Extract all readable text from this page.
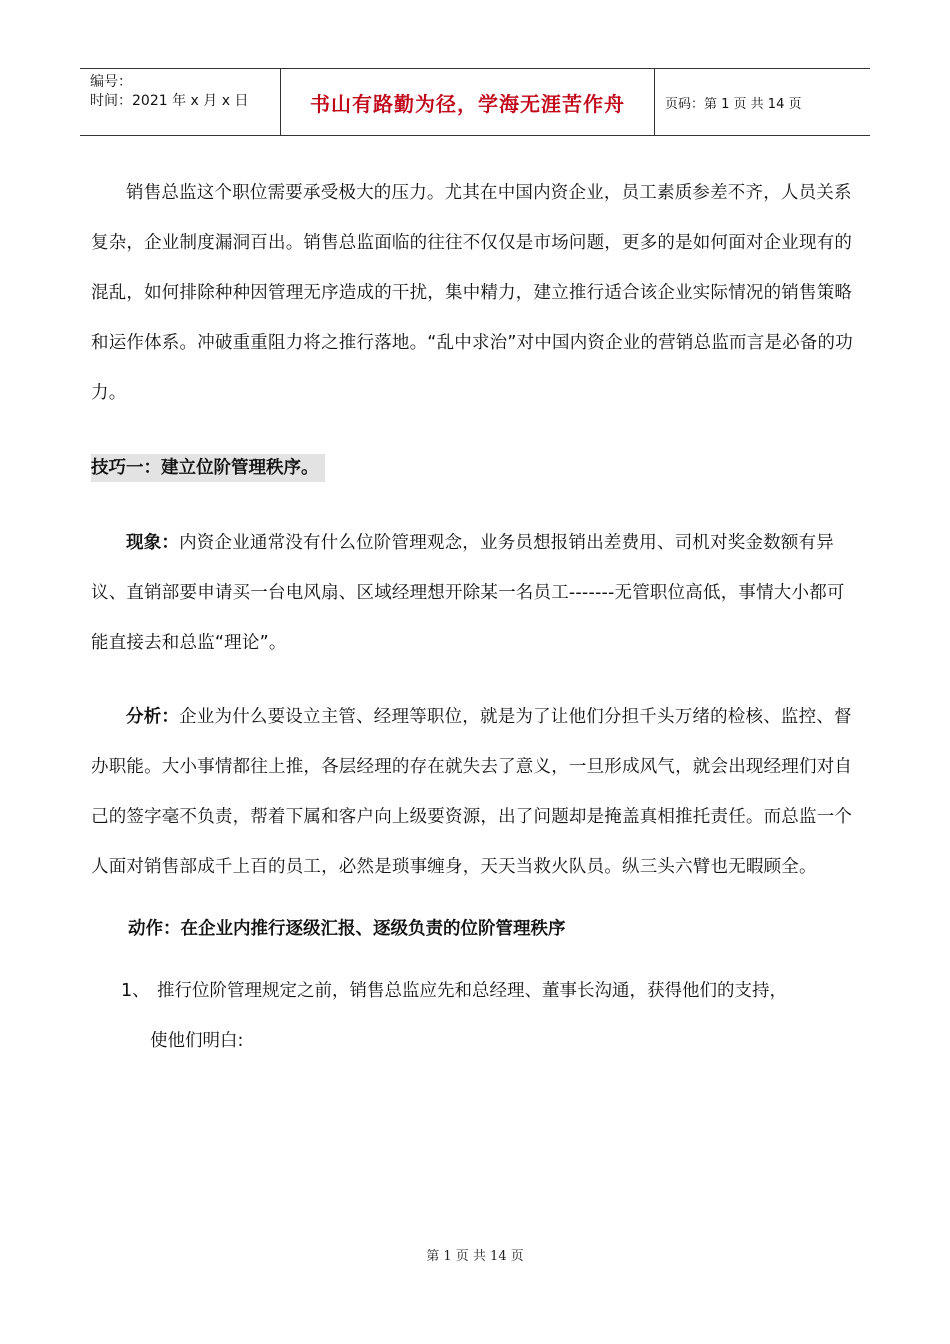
编号：
时间：2021 年 x 月 x 日	书山有路勤为径，学海无涯苦作舟	页码：第 1 页 共 14 页

销售总监这个职位需要承受极大的压力。尤其在中国内资企业，员工素质参差不齐，人员关系复杂，企业制度漏洞百出。销售总监面临的往往不仅仅是市场问题，更多的是如何面对企业现有的混乱，如何排除种种因管理无序造成的干扰，集中精力，建立推行适合该企业实际情况的销售策略和运作体系。冲破重重阻力将之推行落地。“乱中求治”对中国内资企业的营销总监而言是必备的功力。

技巧一：建立位阶管理秩序。

现象：内资企业通常没有什么位阶管理观念，业务员想报销出差费用、司机对奖金数额有异议、直销部要申请买一台电风扇、区域经理想开除某一名员工-------无管职位高低，事情大小都可能直接去和总监“理论”。

分析：企业为什么要设立主管、经理等职位，就是为了让他们分担千头万绪的检核、监控、督办职能。大小事情都往上推，各层经理的存在就失去了意义，一旦形成风气，就会出现经理们对自己的签字毫不负责，帮着下属和客户向上级要资源，出了问题却是掩盖真相推托责任。而总监一个人面对销售部成千上百的员工，必然是琐事缠身，天天当救火队员。纵三头六臂也无暇顾全。

动作：在企业内推行逐级汇报、逐级负责的位阶管理秩序

1、 推行位阶管理规定之前，销售总监应先和总经理、董事长沟通，获得他们的支持，

使他们明白:

第 1 页 共 14 页
